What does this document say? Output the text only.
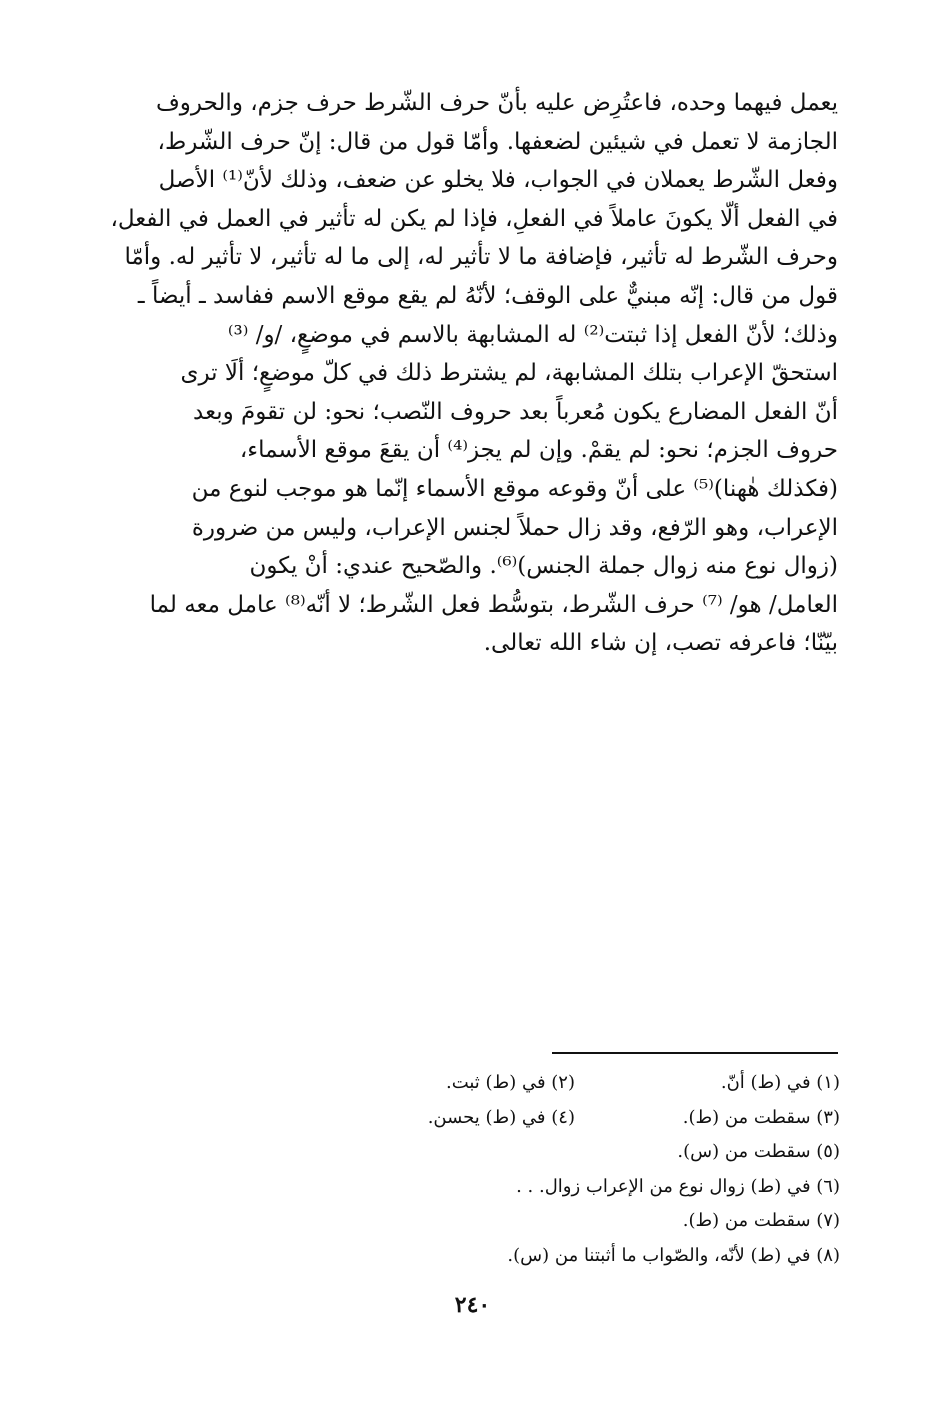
يعمل فيهما وحده، فاعتُرِض عليه بأنّ حرف الشّرط حرف جزم، والحروف
الجازمة لا تعمل في شيئين لضعفها. وأمّا قول من قال: إنّ حرف الشّرط،
وفعل الشّرط يعملان في الجواب، فلا يخلو عن ضعف، وذلك لأنّ⁽¹⁾ الأصل
في الفعل ألّا يكونَ عاملاً في الفعلِ، فإذا لم يكن له تأثير في العمل في الفعل،
وحرف الشّرط له تأثير، فإضافة ما لا تأثير له، إلى ما له تأثير، لا تأثير له. وأمّا
قول من قال: إنّه مبنيٌّ على الوقف؛ لأنّهُ لم يقع موقع الاسم ففاسد ـ أيضاً ـ
وذلك؛ لأنّ الفعل إذا ثبتت⁽²⁾ له المشابهة بالاسم في موضعٍ، /و/ ⁽³⁾
استحقّ الإعراب بتلك المشابهة، لم يشترط ذلك في كلّ موضعٍ؛ ألَا ترى
أنّ الفعل المضارع يكون مُعرباً بعد حروف النّصب؛ نحو: لن تقومَ وبعد
حروف الجزم؛ نحو: لم يقمْ. وإن لم يجز⁽⁴⁾ أن يقعَ موقع الأسماء،
(فكذلك هٰهنا)⁽⁵⁾ على أنّ وقوعه موقع الأسماء إنّما هو موجب لنوع من
الإعراب، وهو الرّفع، وقد زال حملاً لجنس الإعراب، وليس من ضرورة
(زوال نوع منه زوال جملة الجنس)⁽⁶⁾. والصّحيح عندي: أنْ يكون
العامل/ هو/ ⁽⁷⁾ حرف الشّرط، بتوسُّط فعل الشّرط؛ لا أنّه⁽⁸⁾ عامل معه لما
بيّنّا؛ فاعرفه تصب، إن شاء الله تعالى.
(١) في (ط) أنّ.
(٢) في (ط) ثبت.
(٣) سقطت من (ط).
(٤) في (ط) يحسن.
(٥) سقطت من (س).
(٦) في (ط) زوال نوع من الإعراب زوال. . .
(٧) سقطت من (ط).
(٨) في (ط) لأنّه، والصّواب ما أثبتنا من (س).
٢٤٠
